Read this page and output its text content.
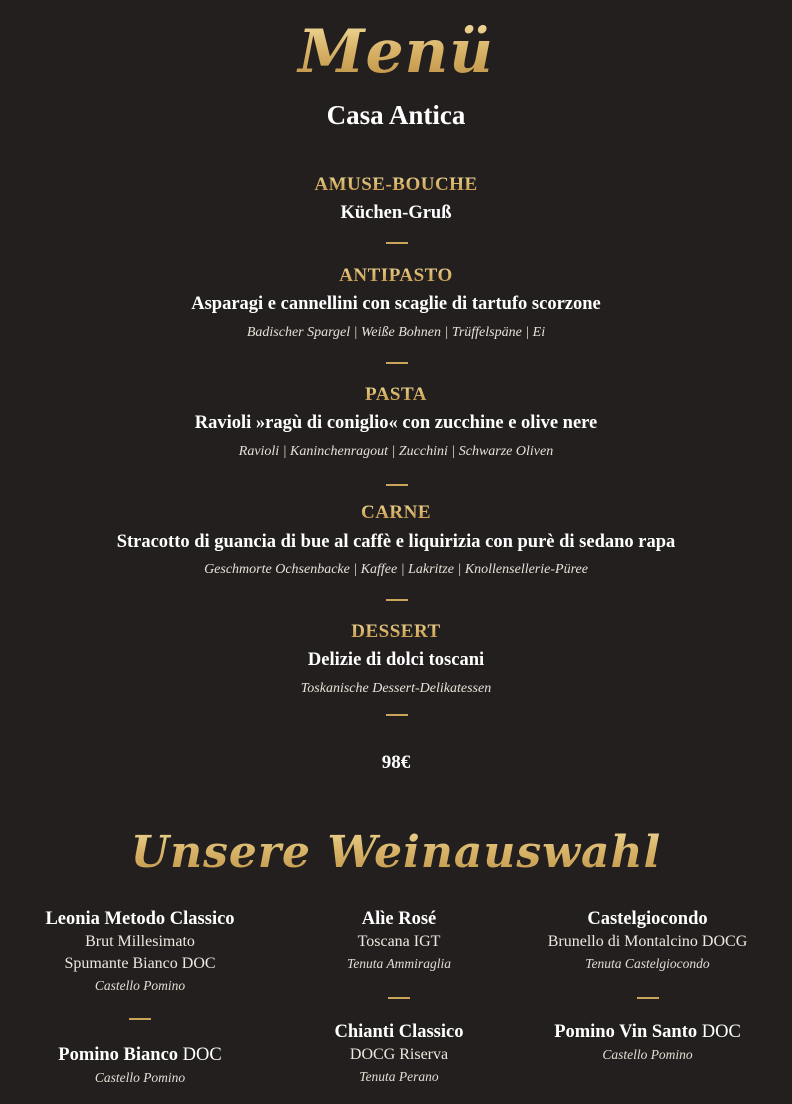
Menü
Casa Antica
AMUSE-BOUCHE
Küchen-Gruß
ANTIPASTO
Asparagi e cannellini con scaglie di tartufo scorzone
Badischer Spargel | Weiße Bohnen | Trüffelspäne | Ei
PASTA
Ravioli »ragù di coniglio« con zucchine e olive nere
Ravioli | Kaninchenragout | Zucchini | Schwarze Oliven
CARNE
Stracotto di guancia di bue al caffè e liquirizia con purè di sedano rapa
Geschmorte Ochsenbacke | Kaffee | Lakritze | Knollensellerie-Püree
DESSERT
Delizie di dolci toscani
Toskanische Dessert-Delikatessen
98€
Unsere Weinauswahl
Leonia Metodo Classico
Brut Millesimato
Spumante Bianco DOC
Castello Pomino
Pomino Bianco DOC
Castello Pomino
Alìe Rosé
Toscana IGT
Tenuta Ammiraglia
Chianti Classico
DOCG Riserva
Tenuta Perano
Castelgiocondo
Brunello di Montalcino DOCG
Tenuta Castelgiocondo
Pomino Vin Santo DOC
Castello Pomino
